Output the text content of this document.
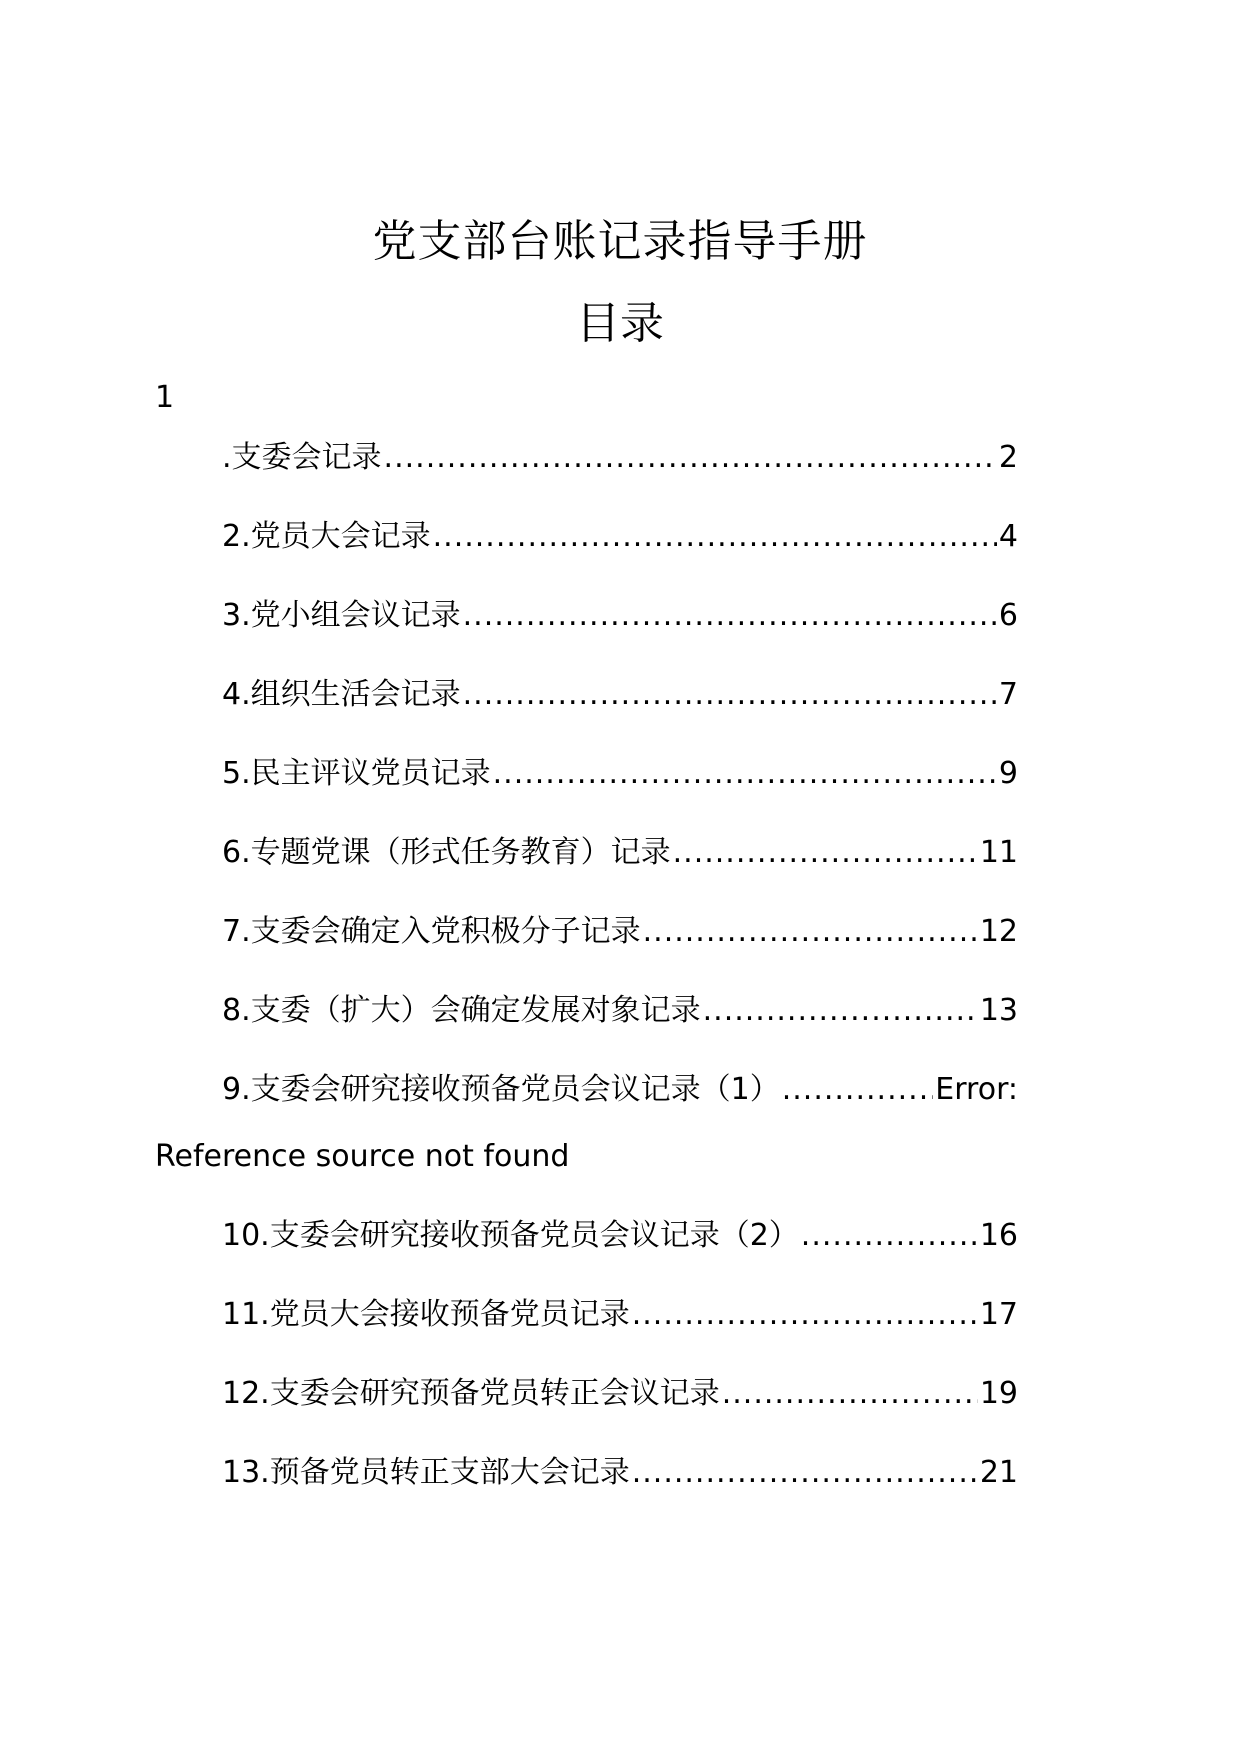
党支部台账记录指导手册
目录
1
.支委会记录 .....	2
2.党员大会记录 .....	4
3.党小组会议记录 .....	6
4.组织生活会记录 .....	7
5.民主评议党员记录 .....	9
6.专题党课（形式任务教育）记录 .....	11
7.支委会确定入党积极分子记录 .....	12
8.支委（扩大）会确定发展对象记录 .....	13
9.支委会研究接收预备党员会议记录（1） .....	Error:
Reference source not found
10.支委会研究接收预备党员会议记录（2） .....	16
11.党员大会接收预备党员记录 .....	17
12.支委会研究预备党员转正会议记录 .....	19
13.预备党员转正支部大会记录 .....	21
